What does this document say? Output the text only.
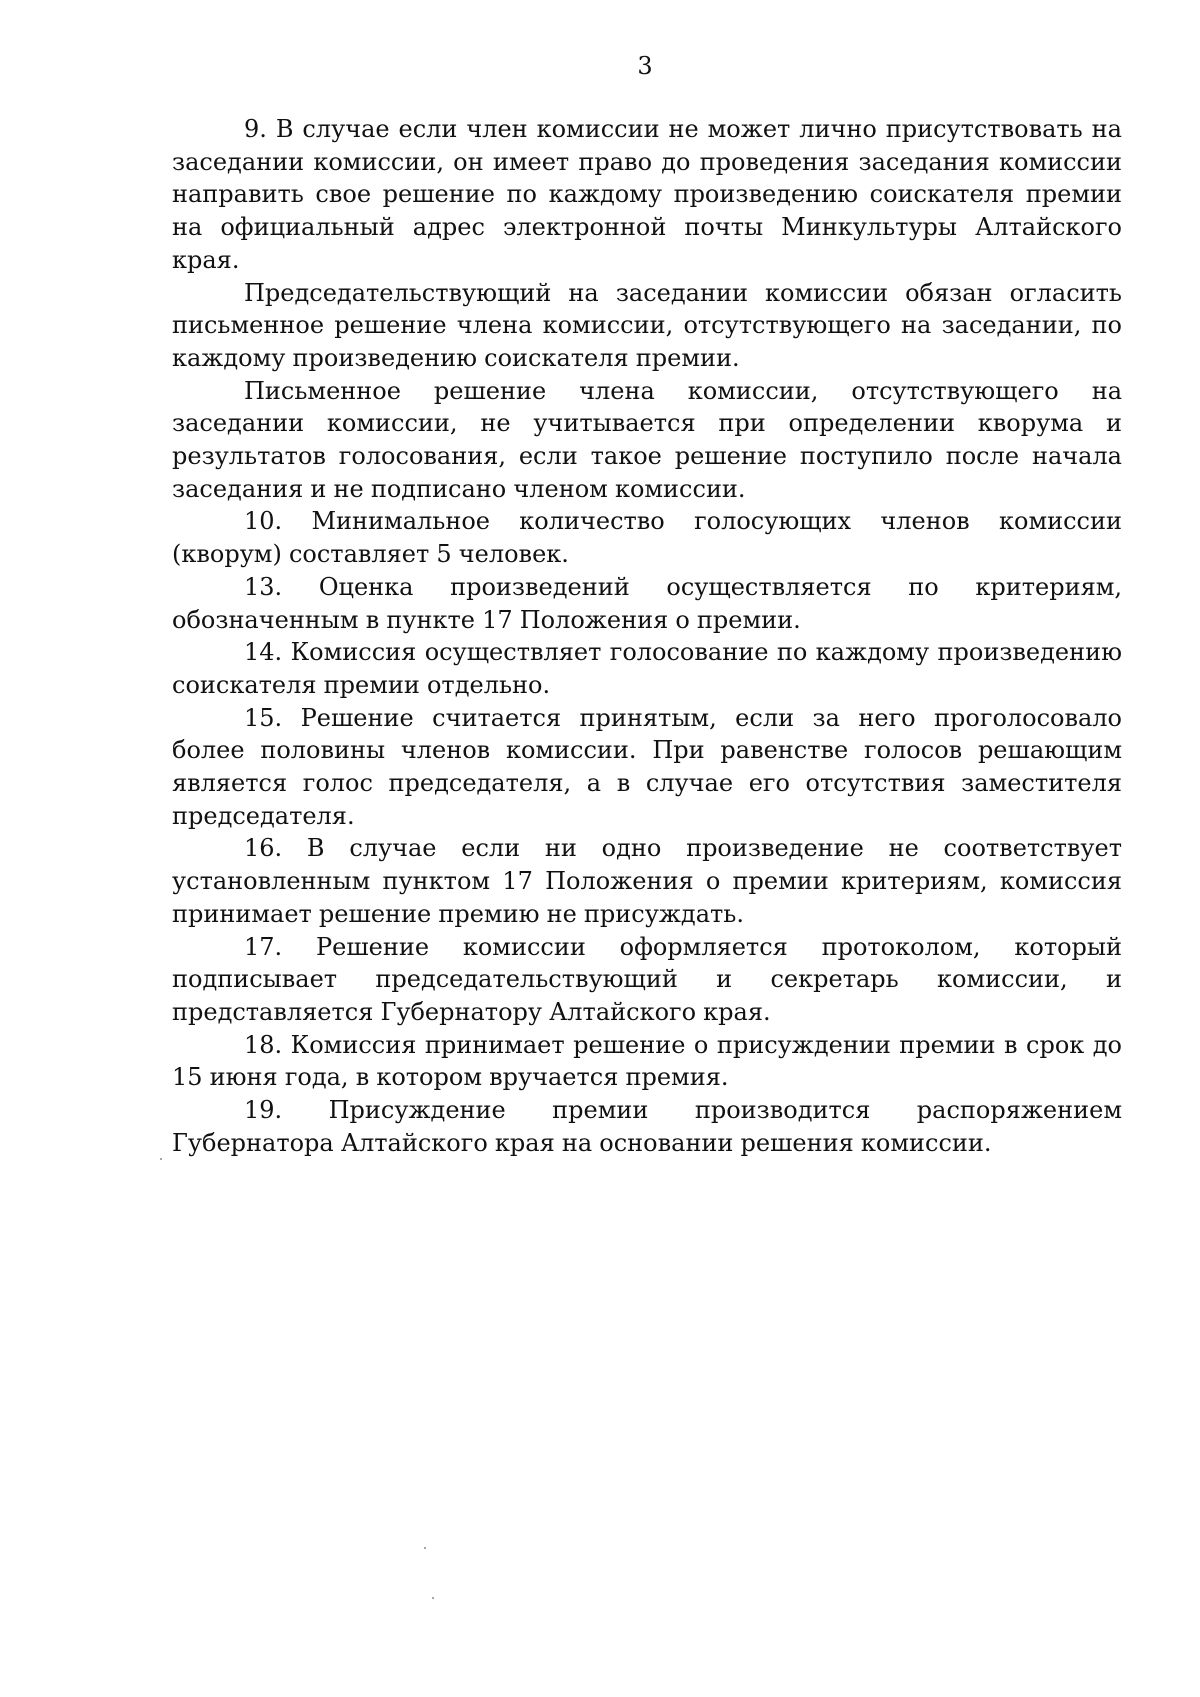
3

9. В случае если член комиссии не может лично присутствовать на заседании комиссии, он имеет право до проведения заседания комиссии направить свое решение по каждому произведению соискателя премии на официальный адрес электронной почты Минкультуры Алтайского края.

Председательствующий на заседании комиссии обязан огласить письменное решение члена комиссии, отсутствующего на заседании, по каждому произведению соискателя премии.

Письменное решение члена комиссии, отсутствующего на заседании комиссии, не учитывается при определении кворума и результатов голосования, если такое решение поступило после начала заседания и не подписано членом комиссии.

10. Минимальное количество голосующих членов комиссии (кворум) составляет 5 человек.

13. Оценка произведений осуществляется по критериям, обозначенным в пункте 17 Положения о премии.

14. Комиссия осуществляет голосование по каждому произведению соискателя премии отдельно.

15. Решение считается принятым, если за него проголосовало более половины членов комиссии. При равенстве голосов решающим является голос председателя, а в случае его отсутствия заместителя председателя.

16. В случае если ни одно произведение не соответствует установленным пунктом 17 Положения о премии критериям, комиссия принимает решение премию не присуждать.

17. Решение комиссии оформляется протоколом, который подписывает председательствующий и секретарь комиссии, и представляется Губернатору Алтайского края.

18. Комиссия принимает решение о присуждении премии в срок до 15 июня года, в котором вручается премия.

19. Присуждение премии производится распоряжением Губернатора Алтайского края на основании решения комиссии.
